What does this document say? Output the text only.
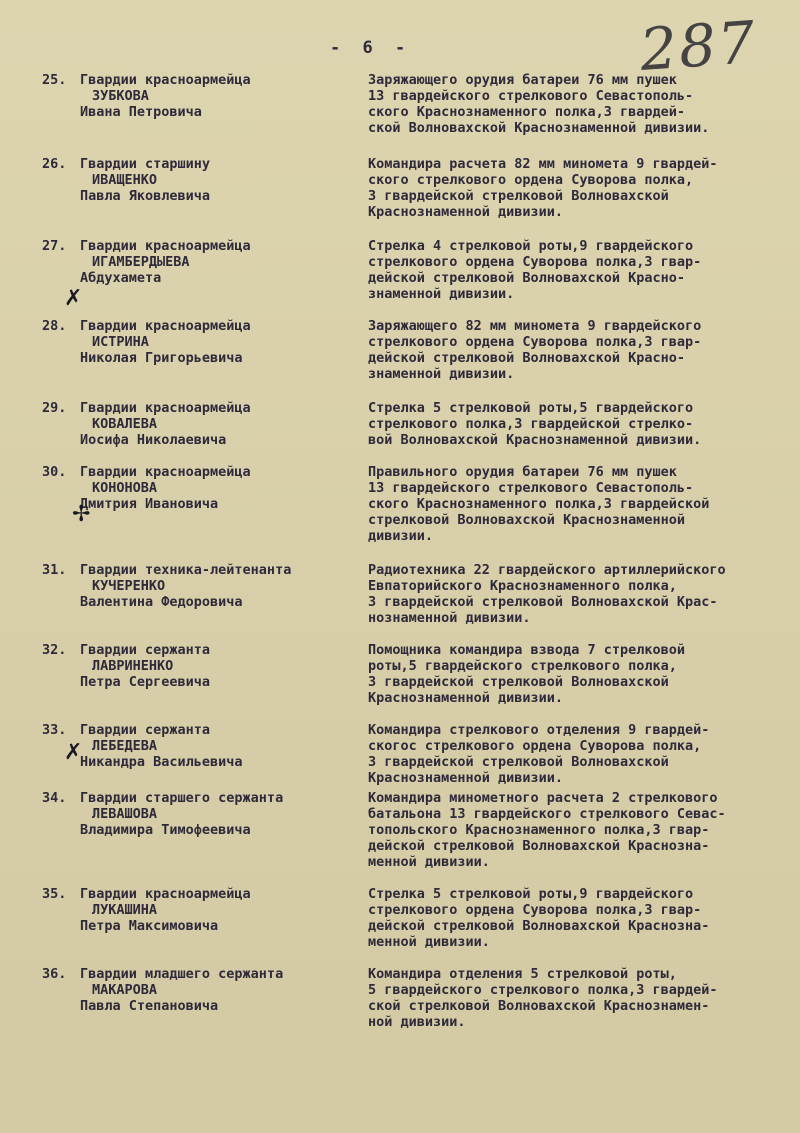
- 6 -	287
25. Гвардии красноармейца
ЗУБКОВА
Ивана Петровича
Заряжающего орудия батареи 76 мм пушек
13 гвардейского стрелкового Севастополь-
ского Краснознаменного полка,3 гвардей-
ской Волновахской Краснознаменной дивизии.
26. Гвардии старшину
ИВАЩЕНКО
Павла Яковлевича
Командира расчета 82 мм минометa 9 гвардей-
ского стрелкового ордена Суворова полка,
3 гвардейской стрелковой Волновахской
Краснознаменной дивизии.
27. Гвардии красноармейца
ИГАМБЕРДЫЕВА
Абдухамета
Стрелка 4 стрелковой роты,9 гвардейского
стрелкового ордена Суворова полка,3 гвар-
дейской стрелковой Волновахской Красно-
знаменной дивизии.
✗
28. Гвардии красноармейца
ИСТРИНА
Николая Григорьевича
Заряжающего 82 мм миномета 9 гвардейского
стрелкового ордена Суворова полка,3 гвар-
дейской стрелковой Волновахской Красно-
знаменной дивизии.
29. Гвардии красноармейца
КОВАЛЕВА
Иосифа Николаевича
Стрелка 5 стрелковой роты,5 гвардейского
стрелкового полка,3 гвардейской стрелко-
вой Волновахской Краснознаменной дивизии.
30. Гвардии красноармейца
КОНОНОВА
Дмитрия Ивановича
Правильного орудия батареи 76 мм пушек
13 гвардейского стрелкового Севастополь-
ского Краснознаменного полка,3 гвардейской
стрелковой Волновахской Краснознаменной
дивизии.
✢
31. Гвардии техника-лейтенанта
КУЧЕРЕНКО
Валентина Федоровича
Радиотехника 22 гвардейского артиллерийского
Евпаторийского Краснознаменного полка,
3 гвардейской стрелковой Волновахской Крас-
нознаменной дивизии.
32. Гвардии сержанта
ЛАВРИНЕНКО
Петра Сергеевича
Помощника командира взвода 7 стрелковой
роты,5 гвардейского стрелкового полка,
3 гвардейской стрелковой Волновахской
Краснознаменной дивизии.
33. Гвардии сержанта
ЛЕБЕДЕВА
Никандра Васильевича
Командира стрелкового отделения 9 гвардей-
скогос стрелкового ордена Суворова полка,
3 гвардейской стрелковой Волновахской
Краснознаменной дивизии.
✗
34. Гвардии старшего сержанта
ЛЕВАШОВА
Владимира Тимофеевича
Командира минометного расчета 2 стрелкового
батальона 13 гвардейского стрелкового Севас-
топольского Краснознаменного полка,3 гвар-
дейской стрелковой Волновахской Краснозна-
менной дивизии.
35. Гвардии красноармейца
ЛУКАШИНА
Петра Максимовича
Стрелка 5 стрелковой роты,9 гвардейского
стрелкового ордена Суворова полка,3 гвар-
дейской стрелковой Волновахской Краснозна-
менной дивизии.
36. Гвардии младшего сержанта
МАКАРОВА
Павла Степановича
Командира отделения 5 стрелковой роты,
5 гвардейского стрелкового полка,3 гвардей-
ской стрелковой Волновахской Краснознамен-
ной дивизии.
